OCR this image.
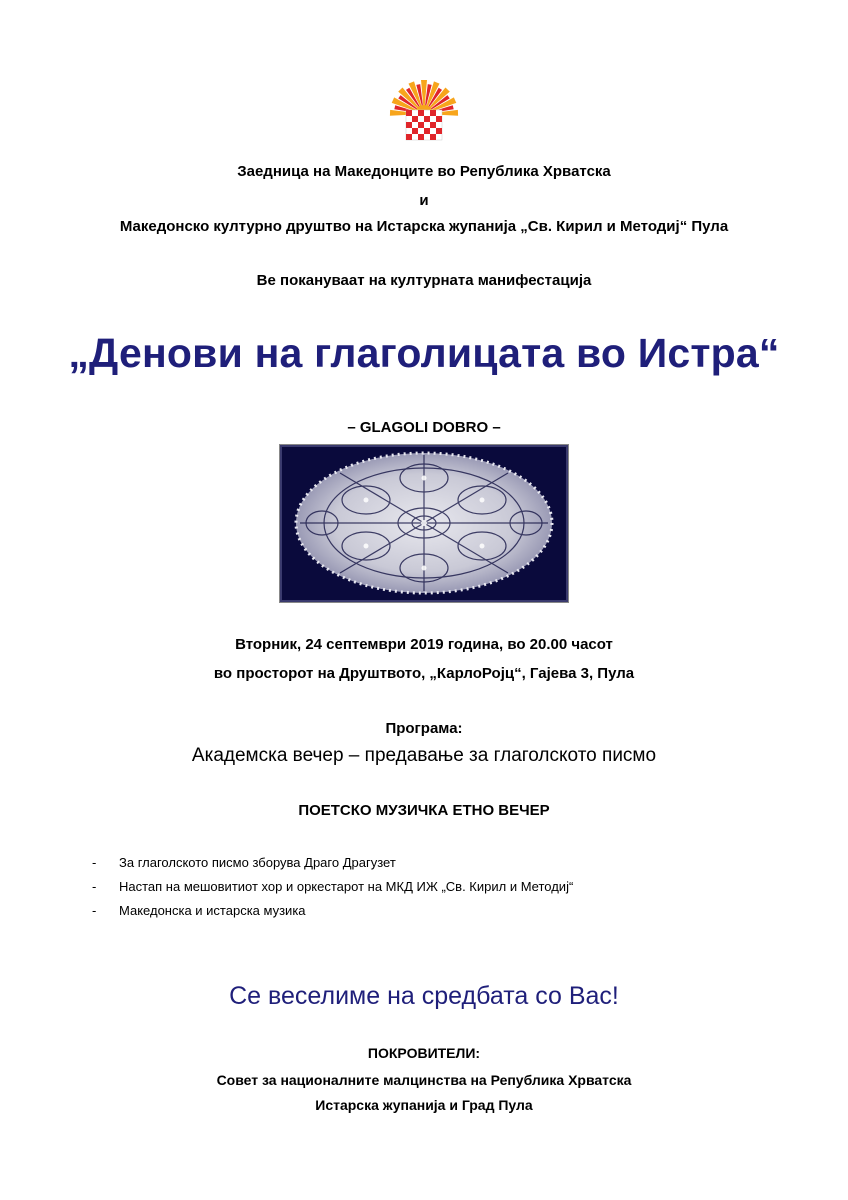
Заедница на Македонците во Република Хрватска
и
Македонско културно друштво на Истарска жупанија „Св. Кирил и Методиј“ Пула
Ве покануваат на културната манифестација
„Денови на глаголицата во Истра“
– GLAGOLI DOBRO –
Вторник, 24 септември 2019 година, во 20.00 часот
во просторот на Друштвото, „КарлоРојц“, Гајева 3, Пула
Програма:
Академска вечер – предавање за глаголското писмо
ПОЕТСКО МУЗИЧКА ЕТНО ВЕЧЕР
- За глаголското писмо зборува Драго Драгузет
- Настап на мешовитиот хор и оркестарот на МКД ИЖ „Св. Кирил и Методиј“
- Македонска и истарска музика
Се веселиме на средбата со Вас!
ПОКРОВИТЕЛИ:
Совет за националните малцинства на Република Хрватска
Истарска жупанија и Град Пула
